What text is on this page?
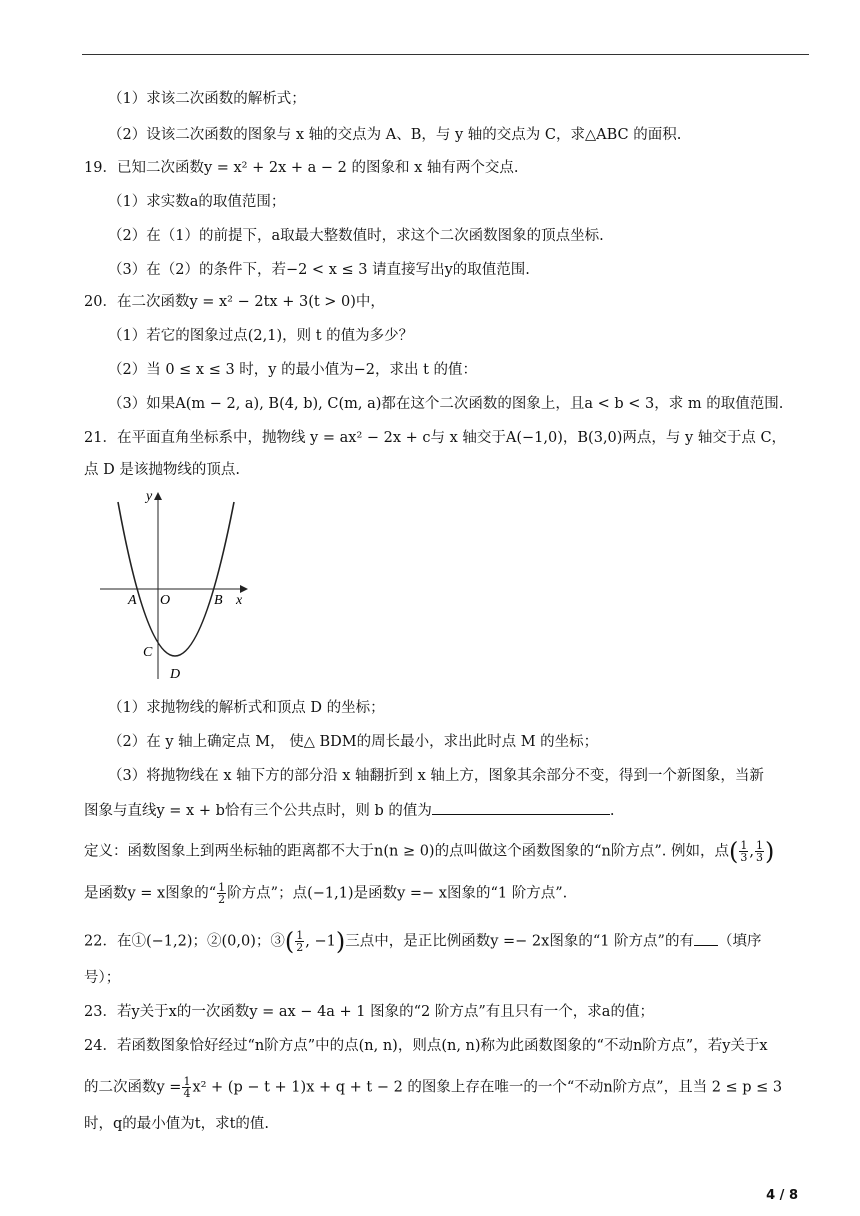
（1）求该二次函数的解析式；
（2）设该二次函数的图象与 x 轴的交点为 A、B，与 y 轴的交点为 C，求△ABC 的面积.
19．已知二次函数y = x² + 2x + a − 2 的图象和 x 轴有两个交点.
（1）求实数a的取值范围；
（2）在（1）的前提下，a取最大整数值时，求这个二次函数图象的顶点坐标.
（3）在（2）的条件下，若−2 < x ≤ 3 请直接写出y的取值范围.
20．在二次函数y = x² − 2tx + 3(t > 0)中，
（1）若它的图象过点(2,1)，则 t 的值为多少？
（2）当 0 ≤ x ≤ 3 时，y 的最小值为−2，求出 t 的值：
（3）如果A(m − 2, a), B(4, b), C(m, a)都在这个二次函数的图象上，且a < b < 3，求 m 的取值范围.
21．在平面直角坐标系中，抛物线 y = ax² − 2x + c与 x 轴交于A(−1,0)，B(3,0)两点，与 y 轴交于点 C，
点 D 是该抛物线的顶点.
y
x
A O	B
C
D
（1）求抛物线的解析式和顶点 D 的坐标；
（2）在 y 轴上确定点 M， 使△ BDM的周长最小，求出此时点 M 的坐标；
（3）将抛物线在 x 轴下方的部分沿 x 轴翻折到 x 轴上方，图象其余部分不变，得到一个新图象，当新
图象与直线y = x + b恰有三个公共点时，则 b 的值为	.
定义：函数图象上到两坐标轴的距离都不大于n(n ≥ 0)的点叫做这个函数图象的“n阶方点”. 例如，点( $\frac{1}{3}$ , $\frac{1}{3}$ )
是函数y = x图象的“ $\frac{1}{2}$ 阶方点”；点(−1,1)是函数y =− x图象的“1 阶方点”.
22．在①(−1,2)；②(0,0)；③( $\frac{1}{2}$ , −1)三点中，是正比例函数y =− 2x图象的“1 阶方点”的有 （填序
号）；
23．若y关于x的一次函数y = ax − 4a + 1 图象的“2 阶方点”有且只有一个，求a的值；
24．若函数图象恰好经过“n阶方点”中的点(n, n)，则点(n, n)称为此函数图象的“不动n阶方点”，若y关于x
的二次函数$y = \frac{1}{4} x^2 + (p - t + 1)x + q + t - 2$ 的图象上存在唯一的一个“不动n阶方点”，且当 2 ≤ p ≤ 3
时，q的最小值为t，求t的值.
4 / 8
